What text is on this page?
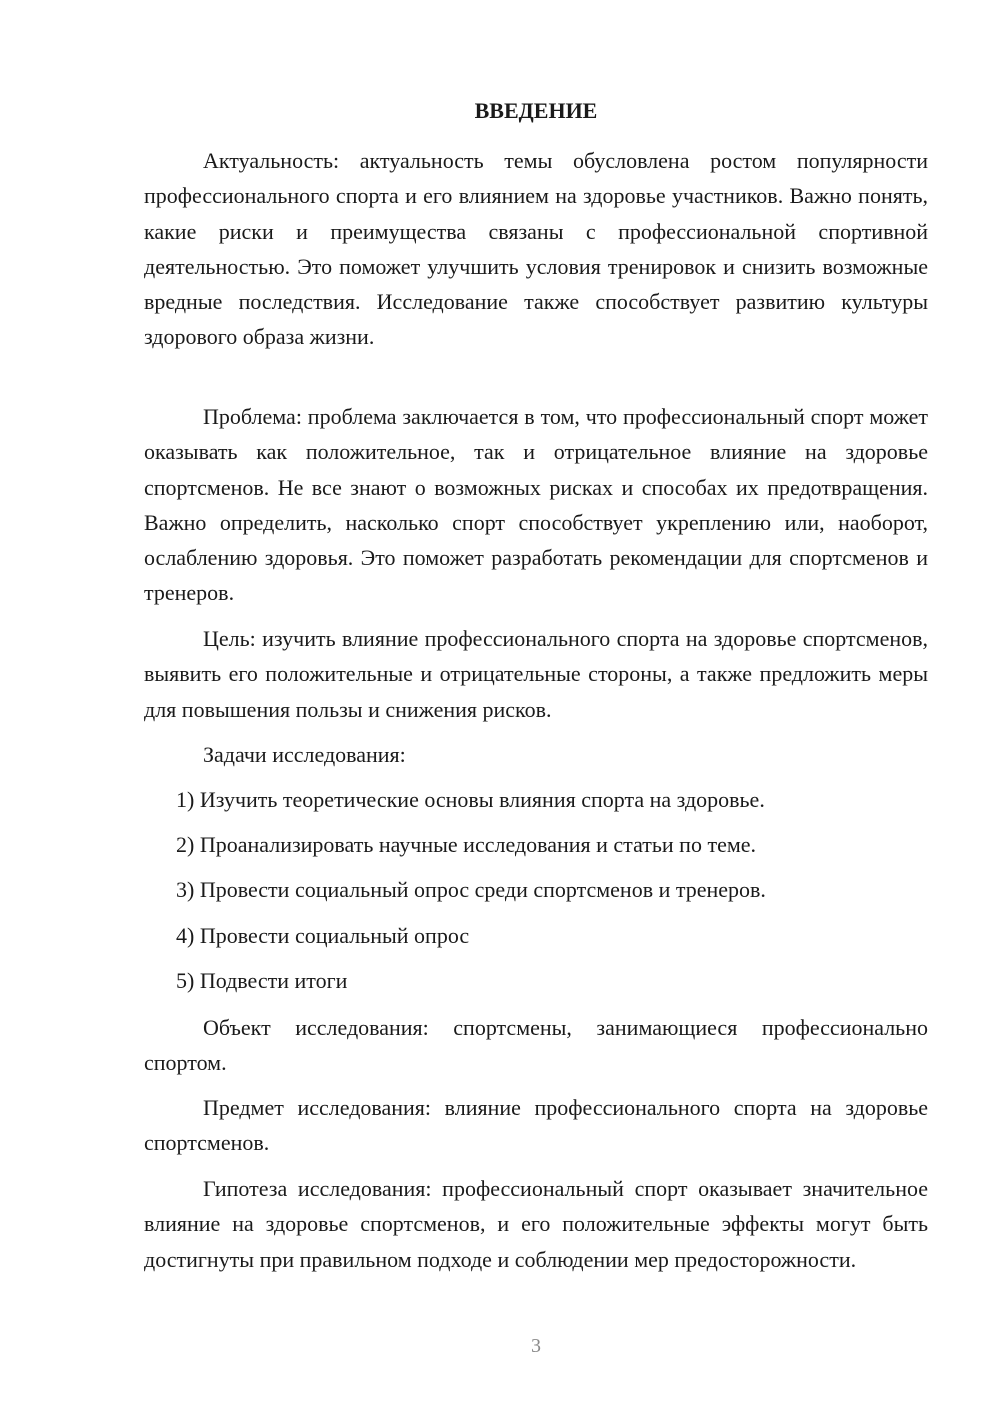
ВВЕДЕНИЕ

Актуальность: актуальность темы обусловлена ростом популярности профессионального спорта и его влиянием на здоровье участников. Важно понять, какие риски и преимущества связаны с профессиональной спортивной деятельностью. Это поможет улучшить условия тренировок и снизить возможные вредные последствия. Исследование также способствует развитию культуры здорового образа жизни.

Проблема: проблема заключается в том, что профессиональный спорт может оказывать как положительное, так и отрицательное влияние на здоровье спортсменов. Не все знают о возможных рисках и способах их предотвращения. Важно определить, насколько спорт способствует укреплению или, наоборот, ослаблению здоровья. Это поможет разработать рекомендации для спортсменов и тренеров.

Цель: изучить влияние профессионального спорта на здоровье спортсменов, выявить его положительные и отрицательные стороны, а также предложить меры для повышения пользы и снижения рисков.

Задачи исследования:

1) Изучить теоретические основы влияния спорта на здоровье.

2) Проанализировать научные исследования и статьи по теме.

3) Провести социальный опрос среди спортсменов и тренеров.

4) Провести социальный опрос

5) Подвести итоги

Объект исследования: спортсмены, занимающиеся профессионально спортом.

Предмет исследования: влияние профессионального спорта на здоровье спортсменов.

Гипотеза исследования: профессиональный спорт оказывает значительное влияние на здоровье спортсменов, и его положительные эффекты могут быть достигнуты при правильном подходе и соблюдении мер предосторожности.

3
